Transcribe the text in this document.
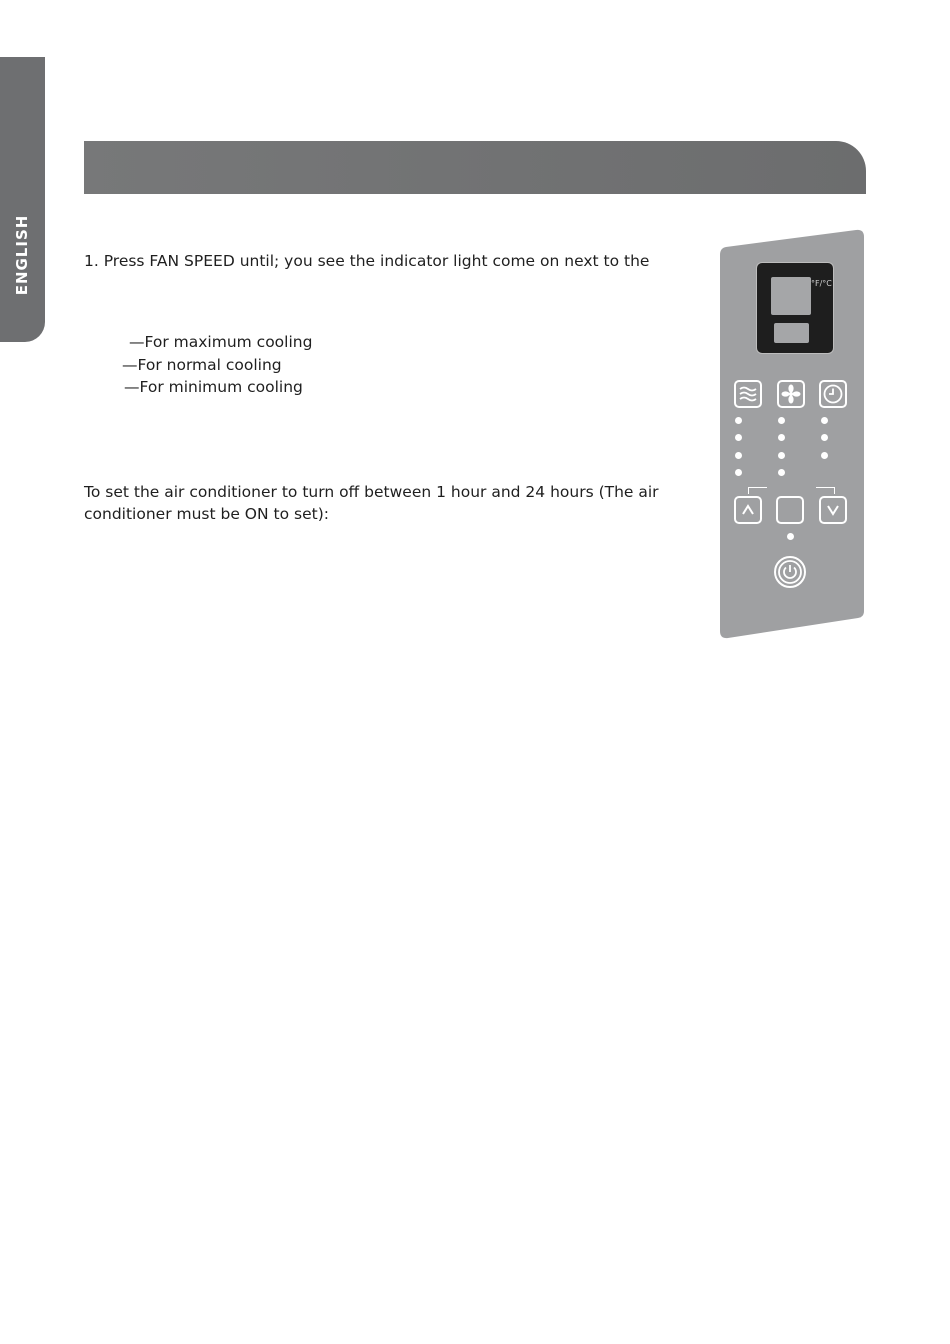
ENGLISH	1. Press FAN SPEED until; you see the indicator light come on next to the
—For maximum cooling
—For normal cooling
—For minimum cooling
To set the air conditioner to turn off between 1 hour and 24 hours (The air conditioner must be ON to set):
°F/°C
